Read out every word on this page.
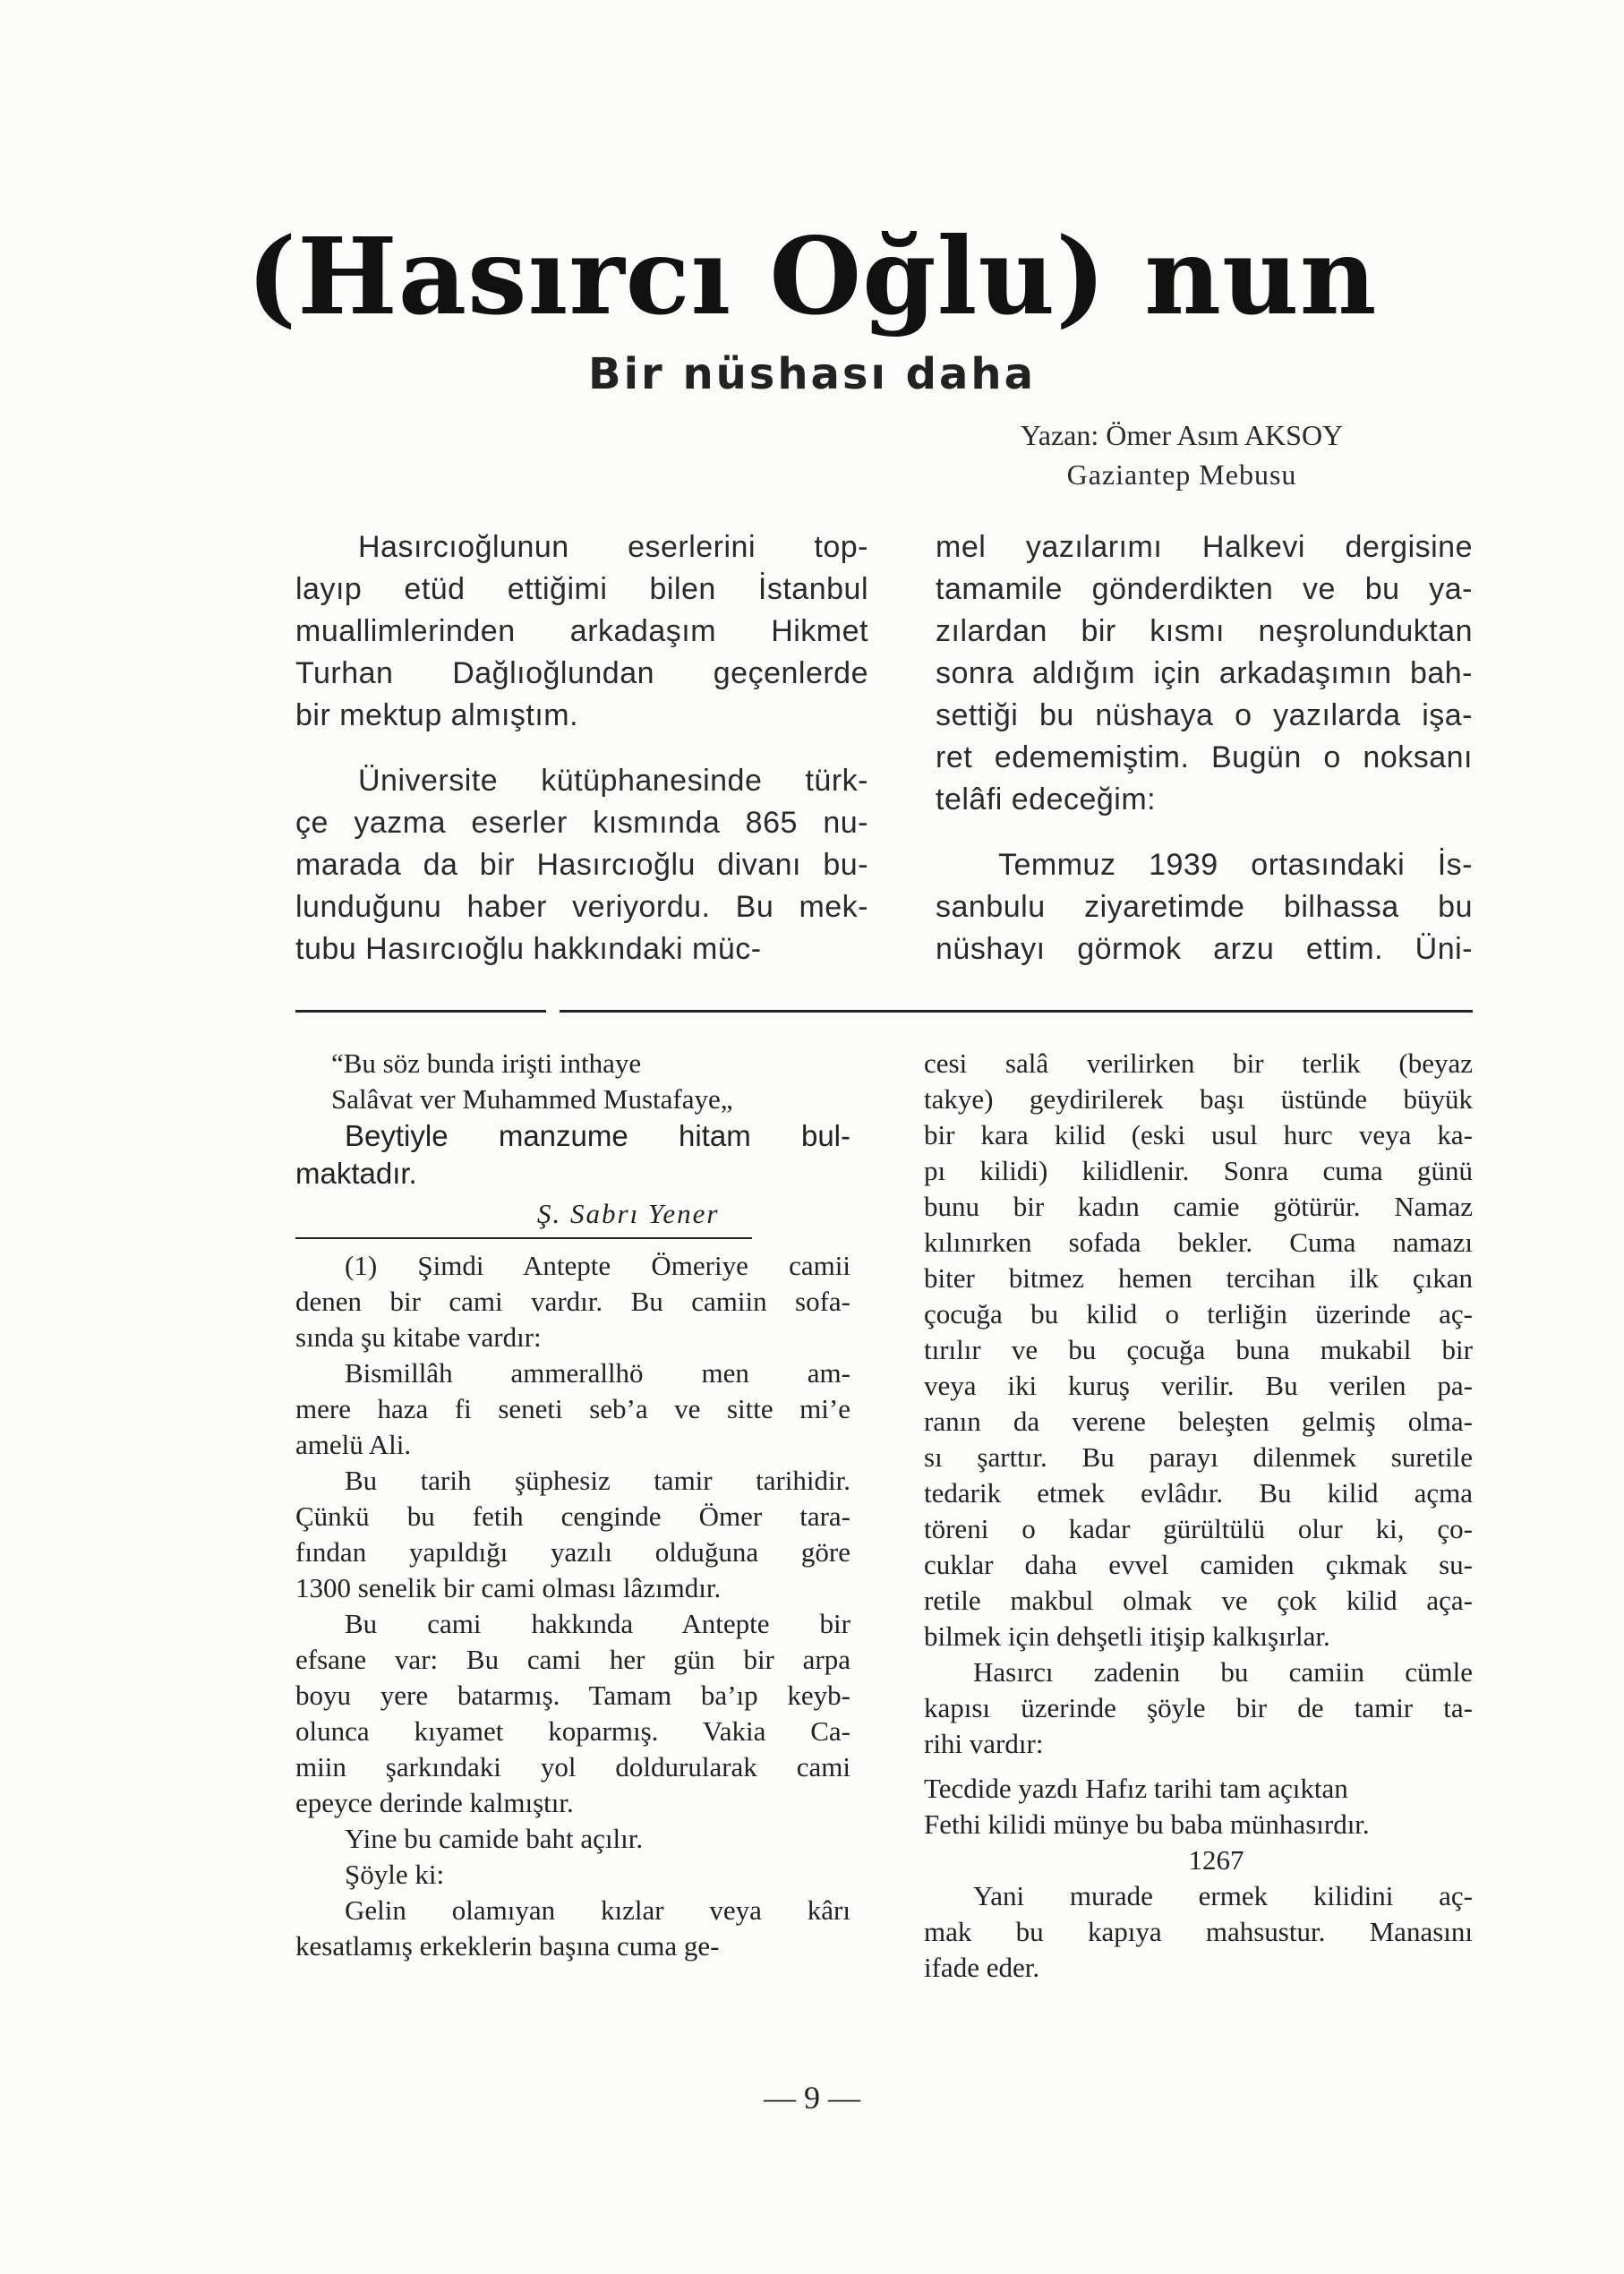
(Hasırcı Oğlu) nun
Bir nüshası daha
Yazan: Ömer Asım AKSOY
Gaziantep Mebusu

Hasırcıoğlunun eserlerini top-

layıp etüd ettiğimi bilen İstanbul

muallimlerinden arkadaşım Hikmet

Turhan Dağlıoğlundan geçenlerde

bir mektup almıştım.

Üniversite kütüphanesinde türk-

çe yazma eserler kısmında 865 nu-

marada da bir Hasırcıoğlu divanı bu-

lunduğunu haber veriyordu. Bu mek-

tubu Hasırcıoğlu hakkındaki müc-

mel yazılarımı Halkevi dergisine

tamamile gönderdikten ve bu ya-

zılardan bir kısmı neşrolunduktan

sonra aldığım için arkadaşımın bah-

settiği bu nüshaya o yazılarda işa-

ret edememiştim. Bugün o noksanı

telâfi edeceğim:

Temmuz 1939 ortasındaki İs-

sanbulu ziyaretimde bilhassa bu

nüshayı görmok arzu ettim. Üni-

“Bu söz bunda irişti inthaye

Salâvat ver Muhammed Mustafaye„

Beytiyle manzume hitam bul-

maktadır.

Ş. Sabrı Yener

(1) Şimdi Antepte Ömeriye camii

denen bir cami vardır. Bu camiin sofa-

sında şu kitabe vardır:

Bismillâh ammerallhö men am-

mere haza fi seneti seb’a ve sitte mi’e

amelü Ali.

Bu tarih şüphesiz tamir tarihidir.

Çünkü bu fetih cenginde Ömer tara-

fından yapıldığı yazılı olduğuna göre

1300 senelik bir cami olması lâzımdır.

Bu cami hakkında Antepte bir

efsane var: Bu cami her gün bir arpa

boyu yere batarmış. Tamam ba’ıp keyb-

olunca kıyamet koparmış. Vakia Ca-

miin şarkındaki yol doldurularak cami

epeyce derinde kalmıştır.

Yine bu camide baht açılır.

Şöyle ki:

Gelin olamıyan kızlar veya kârı

kesatlamış erkeklerin başına cuma ge-

cesi salâ verilirken bir terlik (beyaz

takye) geydirilerek başı üstünde büyük

bir kara kilid (eski usul hurc veya ka-

pı kilidi) kilidlenir. Sonra cuma günü

bunu bir kadın camie götürür. Namaz

kılınırken sofada bekler. Cuma namazı

biter bitmez hemen tercihan ilk çıkan

çocuğa bu kilid o terliğin üzerinde aç-

tırılır ve bu çocuğa buna mukabil bir

veya iki kuruş verilir. Bu verilen pa-

ranın da verene beleşten gelmiş olma-

sı şarttır. Bu parayı dilenmek suretile

tedarik etmek evlâdır. Bu kilid açma

töreni o kadar gürültülü olur ki, ço-

cuklar daha evvel camiden çıkmak su-

retile makbul olmak ve çok kilid aça-

bilmek için dehşetli itişip kalkışırlar.

Hasırcı zadenin bu camiin cümle

kapısı üzerinde şöyle bir de tamir ta-

rihi vardır:

Tecdide yazdı Hafız tarihi tam açıktan

Fethi kilidi münye bu baba münhasırdır.

1267

Yani murade ermek kilidini aç-

mak bu kapıya mahsustur. Manasını

ifade eder.

— 9 —
